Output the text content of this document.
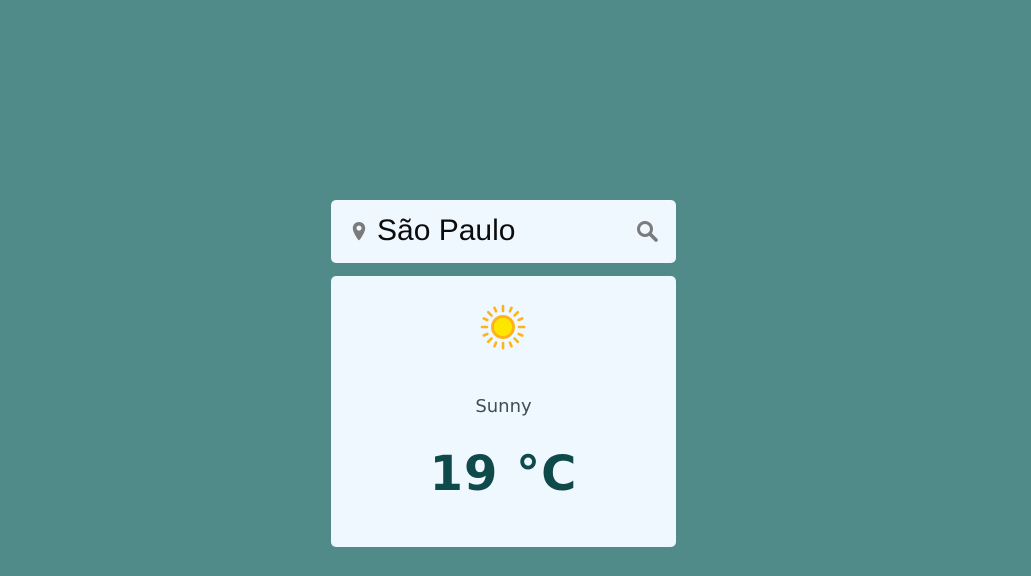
São Paulo
Sunny
19 °C
